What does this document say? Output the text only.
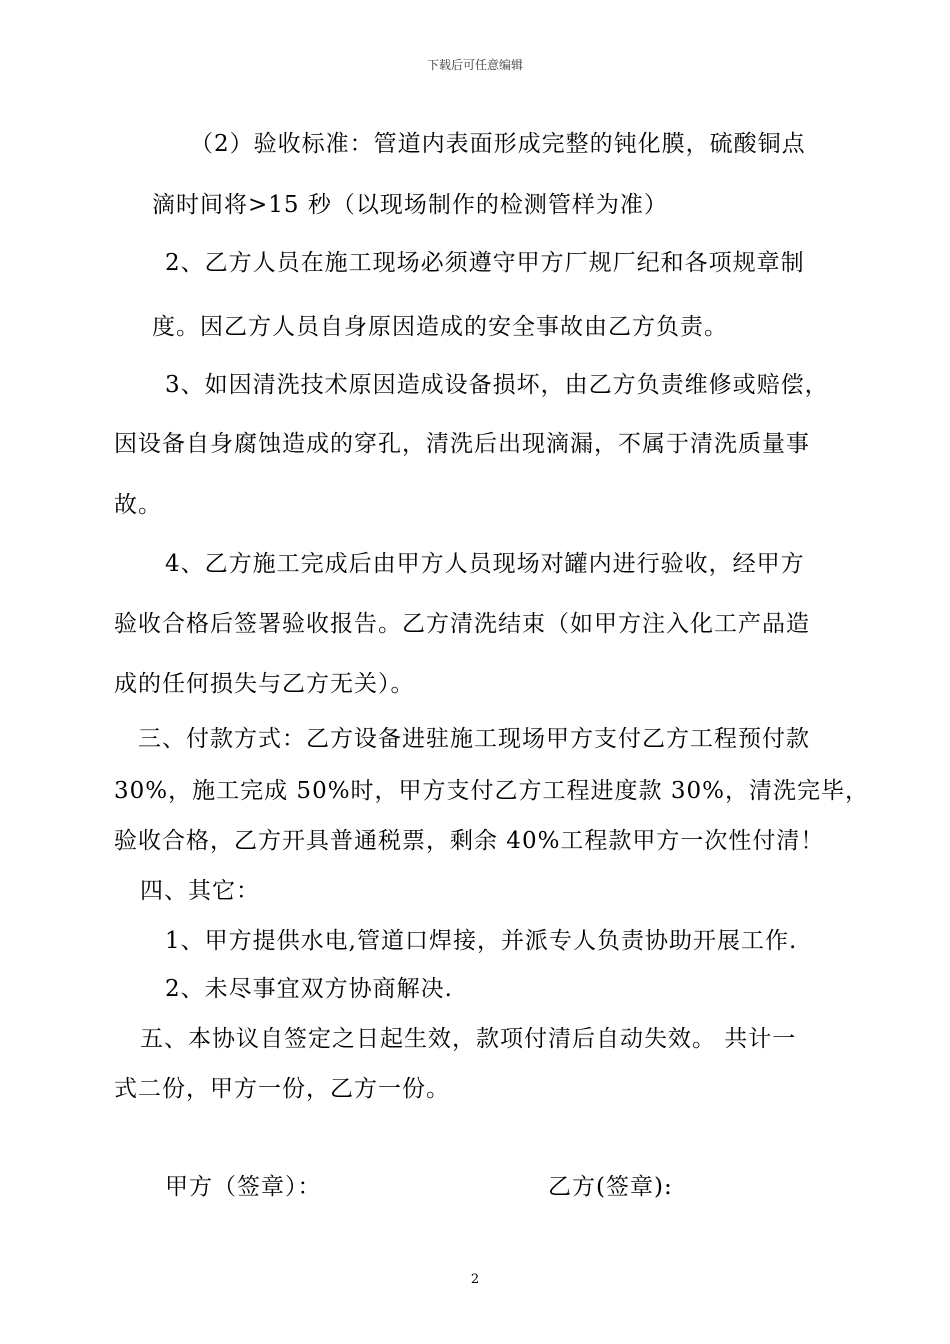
下载后可任意编辑
（2）验收标准：管道内表面形成完整的钝化膜，硫酸铜点
滴时间将>15 秒（以现场制作的检测管样为准）
2、乙方人员在施工现场必须遵守甲方厂规厂纪和各项规章制
度。因乙方人员自身原因造成的安全事故由乙方负责。
3、如因清洗技术原因造成设备损坏，由乙方负责维修或赔偿，
因设备自身腐蚀造成的穿孔，清洗后出现滴漏，不属于清洗质量事
故。
4、乙方施工完成后由甲方人员现场对罐内进行验收，经甲方
验收合格后签署验收报告。乙方清洗结束（如甲方注入化工产品造
成的任何损失与乙方无关）。
三、付款方式：乙方设备进驻施工现场甲方支付乙方工程预付款
30%，施工完成 50%时，甲方支付乙方工程进度款 30%，清洗完毕，
验收合格，乙方开具普通税票，剩余 40%工程款甲方一次性付清！
四、其它：
1、甲方提供水电,管道口焊接，并派专人负责协助开展工作.
2、未尽事宜双方协商解决.
五、本协议自签定之日起生效，款项付清后自动失效。 共计一
式二份，甲方一份，乙方一份。
甲方（签章）：	乙方(签章):
2
